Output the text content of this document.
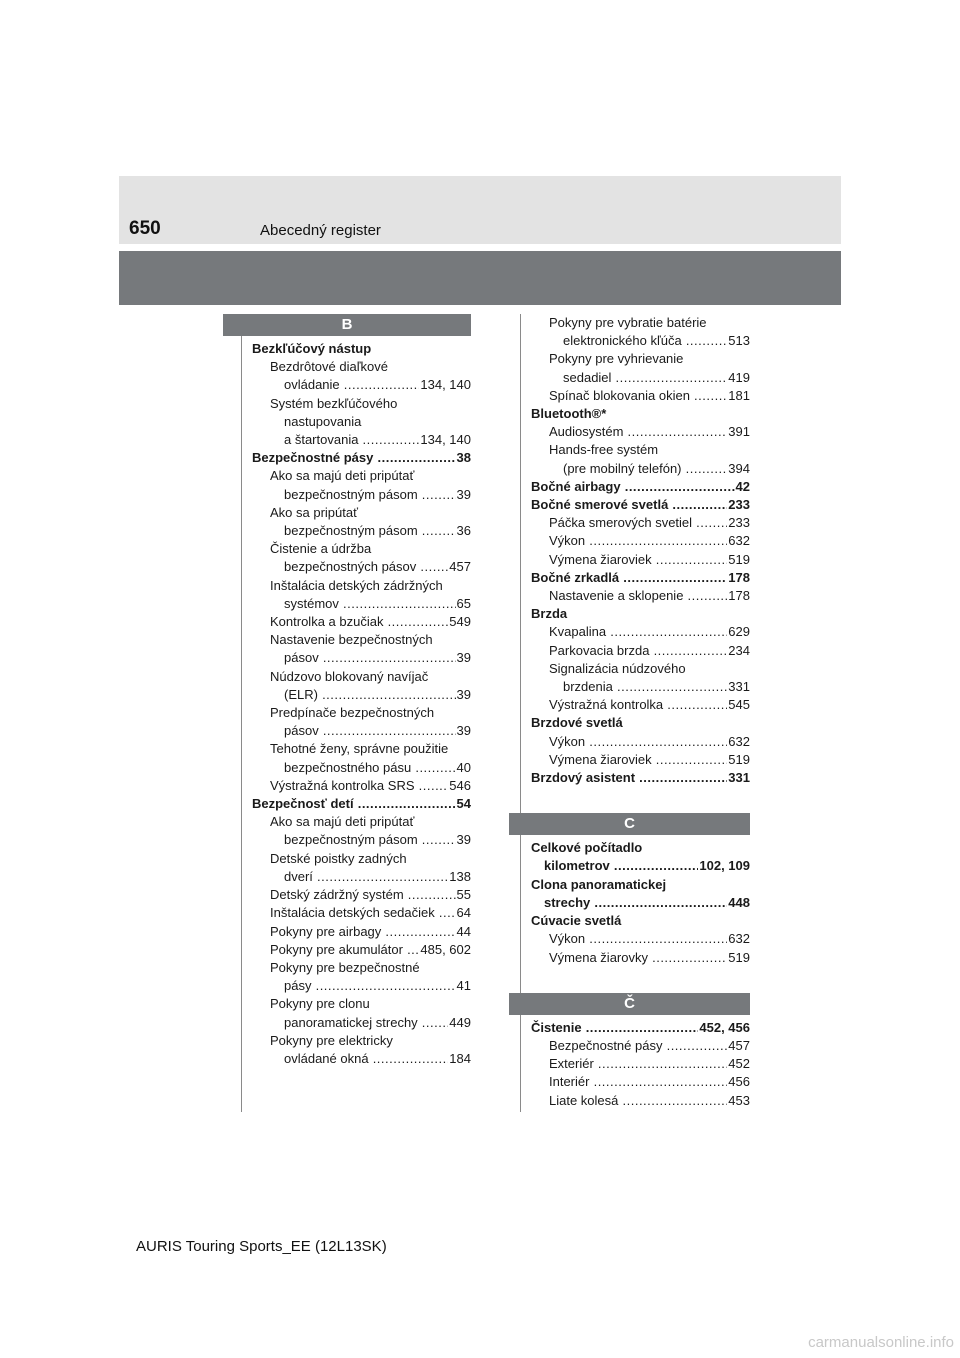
650	Abecedný register
B
Bezkľúčový nástup
Bezdrôtové diaľkové
ovládanie .....	134, 140
Systém bezkľúčového
nastupovania
a štartovania .....	134, 140
Bezpečnostné pásy .....	38
Ako sa majú deti pripútať
bezpečnostným pásom .....	39
Ako sa pripútať
bezpečnostným pásom .....	36
Čistenie a údržba
bezpečnostných pásov .....	457
Inštalácia detských zádržných
systémov .....	65
Kontrolka a bzučiak .....	549
Nastavenie bezpečnostných
pásov .....	39
Núdzovo blokovaný navíjač
(ELR) .....	39
Predpínače bezpečnostných
pásov .....	39
Tehotné ženy, správne použitie
bezpečnostného pásu .....	40
Výstražná kontrolka SRS .....	546
Bezpečnosť detí .....	54
Ako sa majú deti pripútať
bezpečnostným pásom .....	39
Detské poistky zadných
dverí .....	138
Detský zádržný systém .....	55
Inštalácia detských sedačiek ..... 64
Pokyny pre airbagy .....	44
Pokyny pre akumulátor ..... 485, 602
Pokyny pre bezpečnostné
pásy .....	41
Pokyny pre clonu
panoramatickej strechy ..... 449
Pokyny pre elektricky
ovládané okná .....	184
Pokyny pre vybratie batérie
elektronického kľúča .....	513
Pokyny pre vyhrievanie
sedadiel .....	419
Spínač blokovania okien .....	181
Bluetooth®*
Audiosystém .....	391
Hands-free systém
(pre mobilný telefón) .....	394
Bočné airbagy .....	42
Bočné smerové svetlá .....	233
Páčka smerových svetiel .....	233
Výkon .....	632
Výmena žiaroviek .....	519
Bočné zrkadlá .....	178
Nastavenie a sklopenie .....	178
Brzda
Kvapalina .....	629
Parkovacia brzda .....	234
Signalizácia núdzového
brzdenia .....	331
Výstražná kontrolka .....	545
Brzdové svetlá
Výkon .....	632
Výmena žiaroviek .....	519
Brzdový asistent .....	331
C
Celkové počítadlo
kilometrov .....	102, 109
Clona panoramatickej
strechy .....	448
Cúvacie svetlá
Výkon .....	632
Výmena žiarovky .....	519
Č
Čistenie .....	452, 456
Bezpečnostné pásy .....	457
Exteriér .....	452
Interiér .....	456
Liate kolesá .....	453
AURIS Touring Sports_EE (12L13SK)
carmanualsonline.info
